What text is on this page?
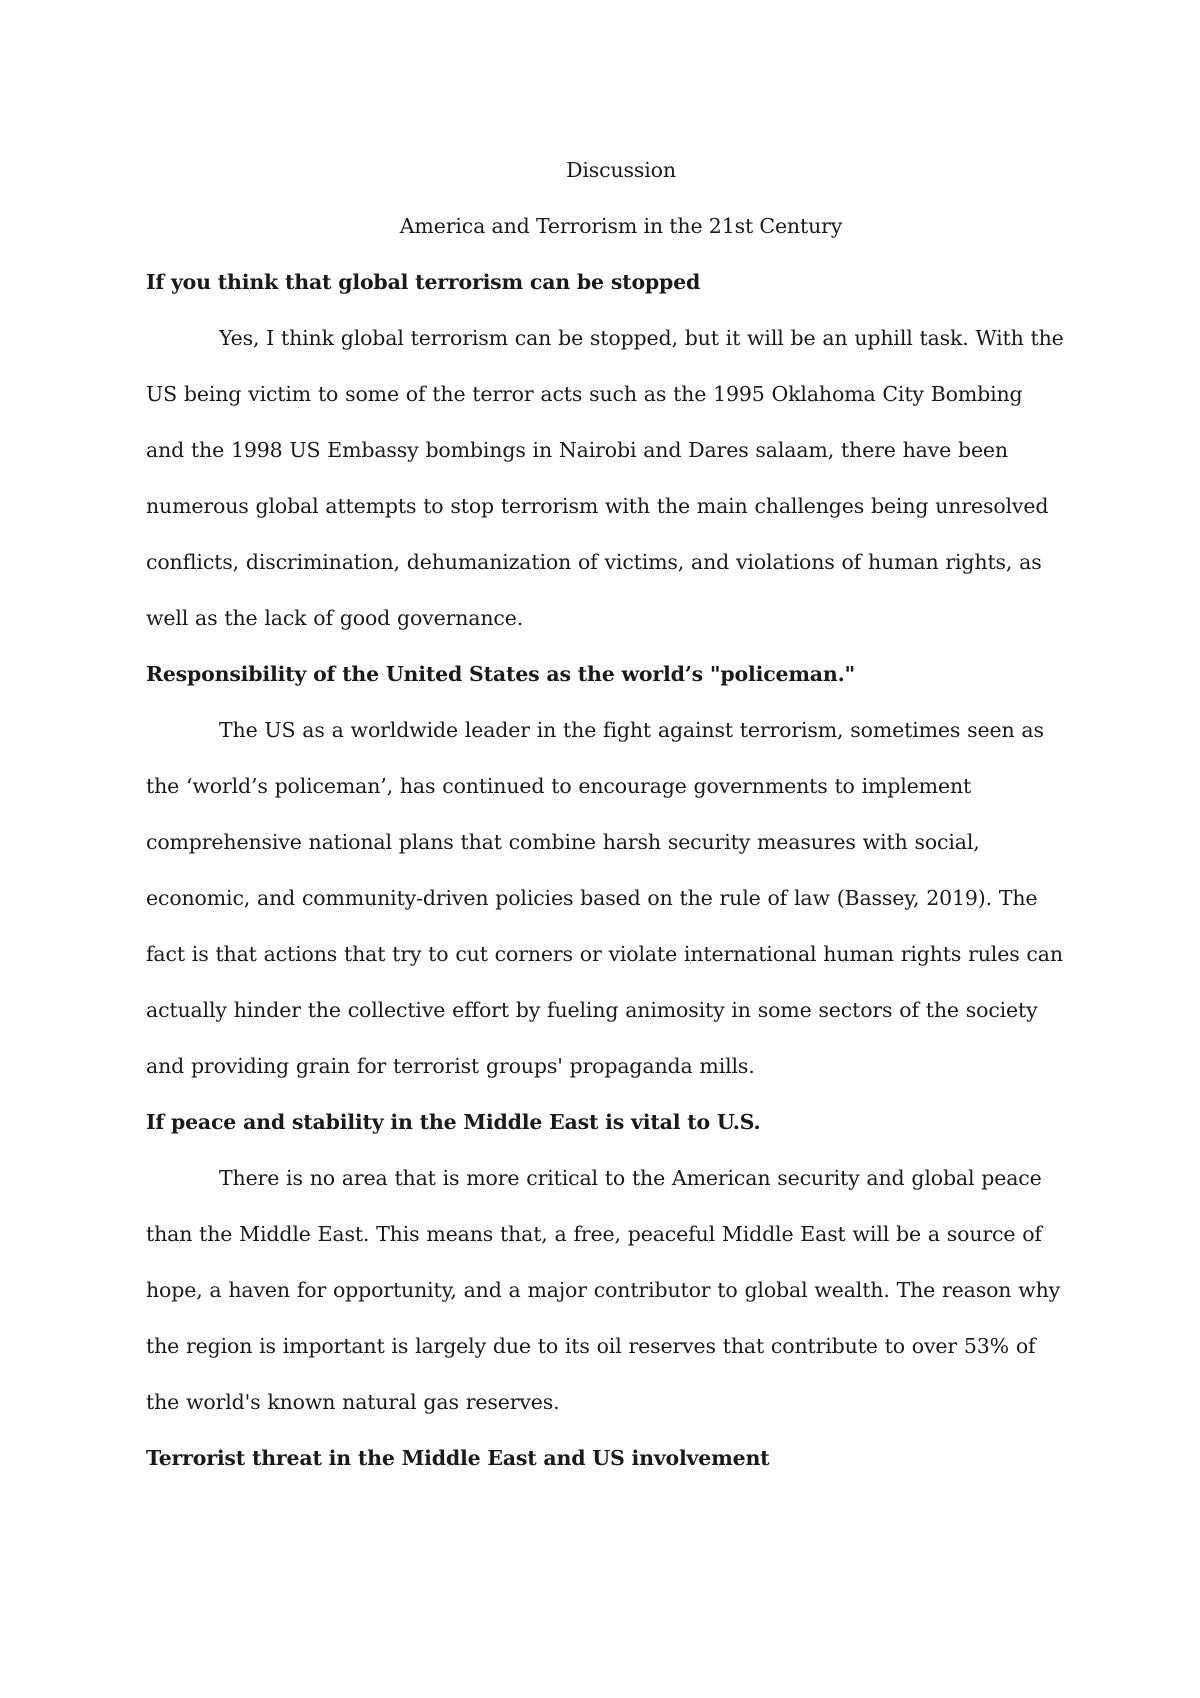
Discussion

America and Terrorism in the 21st Century

If you think that global terrorism can be stopped

Yes, I think global terrorism can be stopped, but it will be an uphill task. With the US being victim to some of the terror acts such as the 1995 Oklahoma City Bombing and the 1998 US Embassy bombings in Nairobi and Dares salaam, there have been numerous global attempts to stop terrorism with the main challenges being unresolved conflicts, discrimination, dehumanization of victims, and violations of human rights, as well as the lack of good governance.

Responsibility of the United States as the world’s "policeman."

The US as a worldwide leader in the fight against terrorism, sometimes seen as the ‘world’s policeman’, has continued to encourage governments to implement comprehensive national plans that combine harsh security measures with social, economic, and community-driven policies based on the rule of law (Bassey, 2019). The fact is that actions that try to cut corners or violate international human rights rules can actually hinder the collective effort by fueling animosity in some sectors of the society and providing grain for terrorist groups' propaganda mills.

If peace and stability in the Middle East is vital to U.S.

There is no area that is more critical to the American security and global peace than the Middle East. This means that, a free, peaceful Middle East will be a source of hope, a haven for opportunity, and a major contributor to global wealth. The reason why the region is important is largely due to its oil reserves that contribute to over 53% of the world's known natural gas reserves.

Terrorist threat in the Middle East and US involvement
